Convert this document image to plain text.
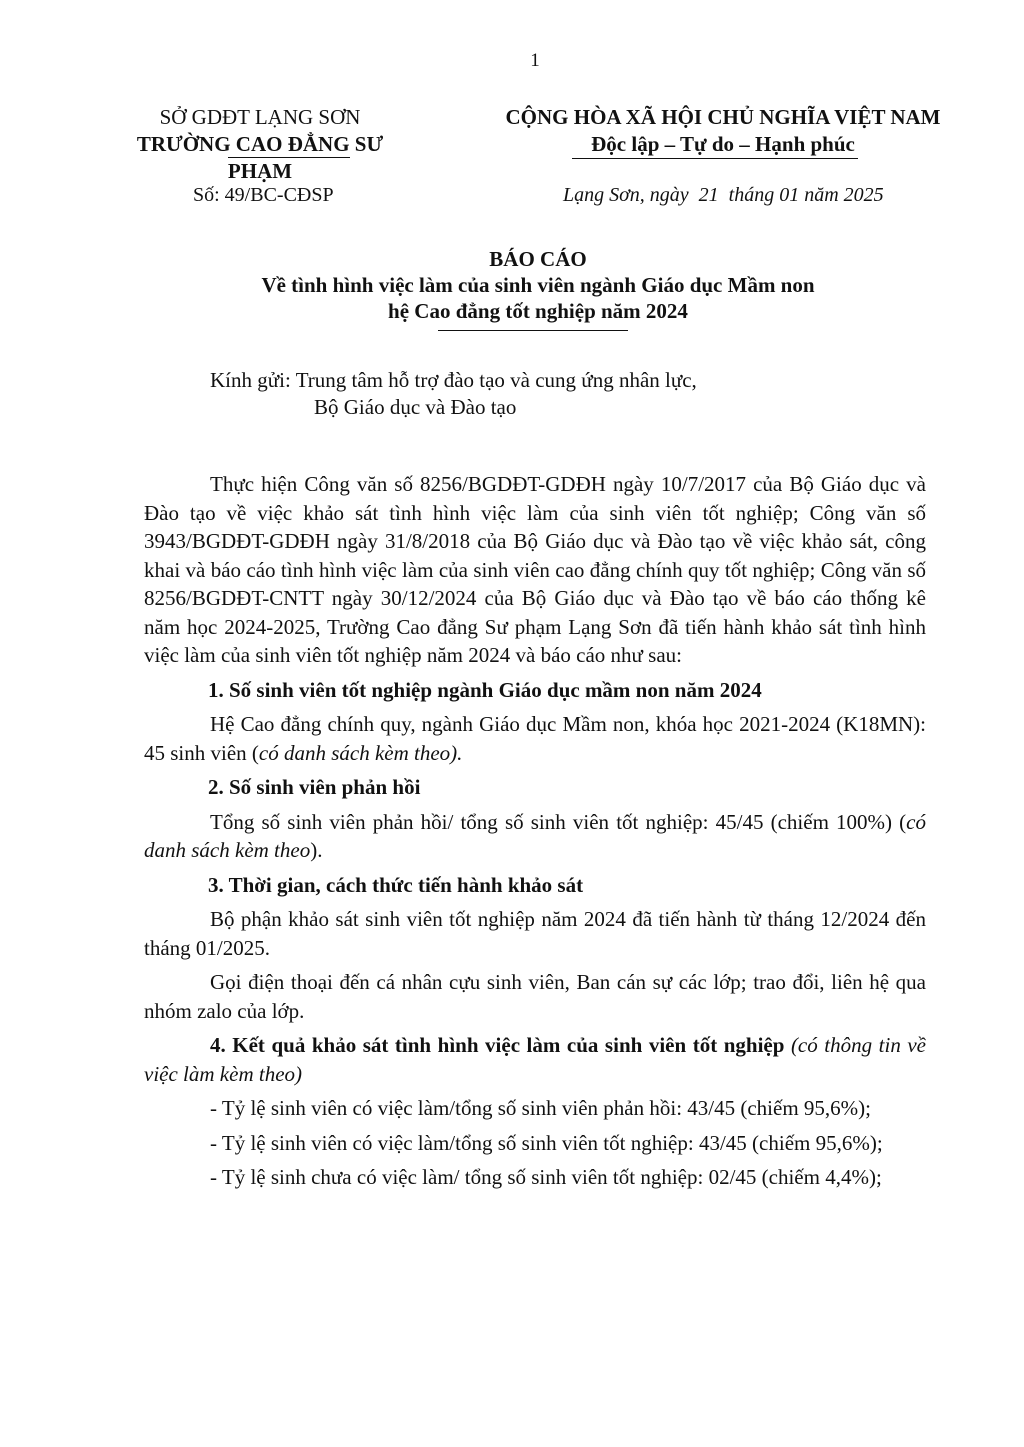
1
SỞ GDĐT LẠNG SƠN
TRƯỜNG CAO ĐẲNG SƯ PHẠM
CỘNG HÒA XÃ HỘI CHỦ NGHĨA VIỆT NAM
Độc lập – Tự do – Hạnh phúc
Số: 49/BC-CĐSP	Lạng Sơn, ngày  21  tháng 01 năm 2025
BÁO CÁO
Về tình hình việc làm của sinh viên ngành Giáo dục Mầm non
hệ Cao đẳng tốt nghiệp năm 2024
Kính gửi: Trung tâm hỗ trợ đào tạo và cung ứng nhân lực,
Bộ Giáo dục và Đào tạo

Thực hiện Công văn số 8256/BGDĐT-GDĐH ngày 10/7/2017 của Bộ Giáo dục và Đào tạo về việc khảo sát tình hình việc làm của sinh viên tốt nghiệp; Công văn số 3943/BGDĐT-GDĐH ngày 31/8/2018 của Bộ Giáo dục và Đào tạo về việc khảo sát, công khai và báo cáo tình hình việc làm của sinh viên cao đẳng chính quy tốt nghiệp; Công văn số 8256/BGDĐT-CNTT ngày 30/12/2024 của Bộ Giáo dục và Đào tạo về báo cáo thống kê năm học 2024-2025, Trường Cao đẳng Sư phạm Lạng Sơn đã tiến hành khảo sát tình hình việc làm của sinh viên tốt nghiệp năm 2024 và báo cáo như sau:

1. Số sinh viên tốt nghiệp ngành Giáo dục mầm non năm 2024

Hệ Cao đẳng chính quy, ngành Giáo dục Mầm non, khóa học 2021-2024 (K18MN): 45 sinh viên (có danh sách kèm theo).

2. Số sinh viên phản hồi

Tổng số sinh viên phản hồi/ tổng số sinh viên tốt nghiệp: 45/45 (chiếm 100%) (có danh sách kèm theo).

3. Thời gian, cách thức tiến hành khảo sát

Bộ phận khảo sát sinh viên tốt nghiệp năm 2024 đã tiến hành từ tháng 12/2024 đến tháng 01/2025.

Gọi điện thoại đến cá nhân cựu sinh viên, Ban cán sự các lớp; trao đổi, liên hệ qua nhóm zalo của lớp.

4. Kết quả khảo sát tình hình việc làm của sinh viên tốt nghiệp (có thông tin về việc làm kèm theo)

- Tỷ lệ sinh viên có việc làm/tổng số sinh viên phản hồi: 43/45 (chiếm 95,6%);

- Tỷ lệ sinh viên có việc làm/tổng số sinh viên tốt nghiệp: 43/45 (chiếm 95,6%);

- Tỷ lệ sinh chưa có việc làm/ tổng số sinh viên tốt nghiệp: 02/45 (chiếm 4,4%);
